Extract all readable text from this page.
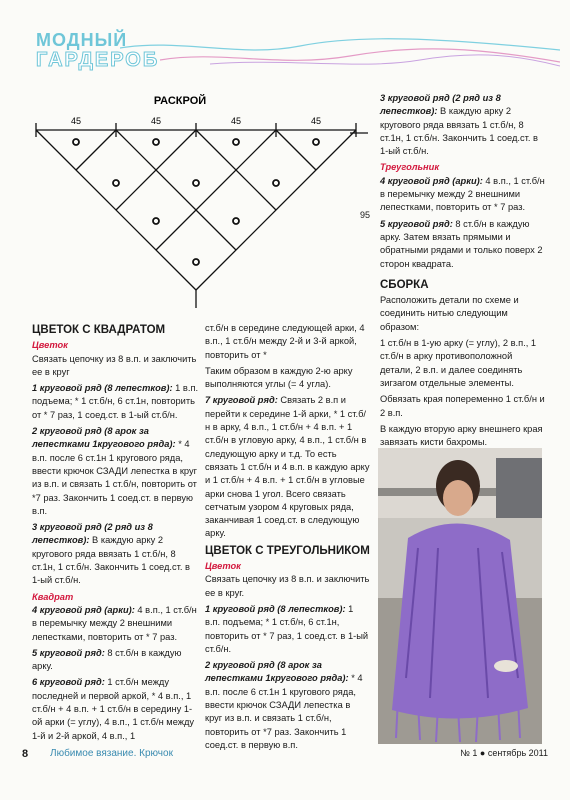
МОДНЫЙ
ГАРДЕРОБ
РАСКРОЙ
45	45	45	45
95
ЦВЕТОК С КВАДРАТОМ
Цветок

Связать цепочку из 8 в.п. и заключить ее в круг

1 круговой ряд (8 лепестков): 1 в.п. подъема; * 1 ст.б/н, 6 ст.1н, повторить от * 7 раз, 1 соед.ст. в 1-ый ст.б/н.

2 круговой ряд (8 арок за лепестками 1кругового ряда): * 4 в.п. после 6 ст.1н 1 кругового ряда, ввести крючок СЗАДИ лепестка в круг из в.п. и связать 1 ст.б/н, повторить от *7 раз. Закончить 1 соед.ст. в первую в.п.

3 круговой ряд (2 ряд из 8 лепестков): В каждую арку 2 кругового ряда ввязать 1 ст.б/н, 8 ст.1н, 1 ст.б/н. Закончить 1 соед.ст. в 1-ый ст.б/н.

Квадрат

4 круговой ряд (арки): 4 в.п., 1 ст.б/н в перемычку между 2 внешними лепестками, повторить от * 7 раз.

5 круговой ряд: 8 ст.б/н в каждую арку.

6 круговой ряд: 1 ст.б/н между последней и первой аркой, * 4 в.п., 1 ст.б/н + 4 в.п. + 1 ст.б/н в середину 1-ой арки (= углу), 4 в.п., 1 ст.б/н между 1-й и 2-й аркой, 4 в.п., 1

ст.б/н в середине следующей арки, 4 в.п., 1 ст.б/н между 2-й и 3-й аркой, повторить от *

Таким образом в каждую 2-ю арку выполняются углы (= 4 угла).

7 круговой ряд: Связать 2 в.п и перейти к середине 1-й арки, * 1 ст.б/н в арку, 4 в.п., 1 ст.б/н + 4 в.п. + 1 ст.б/н в угловую арку, 4 в.п., 1 ст.б/н в следующую арку и т.д. То есть связать 1 ст.б/н и 4 в.п. в каждую арку и 1 ст.б/н + 4 в.п. + 1 ст.б/н в угловые арки снова 1 угол. Всего связать сетчатым узором 4 круговых ряда, заканчивая 1 соед.ст. в следующую арку.

ЦВЕТОК С ТРЕУГОЛЬНИКОМ
Цветок

Связать цепочку из 8 в.п. и заключить ее в круг.

1 круговой ряд (8 лепестков): 1 в.п. подъема; * 1 ст.б/н, 6 ст.1н, повторить от * 7 раз, 1 соед.ст. в 1-ый ст.б/н.

2 круговой ряд (8 арок за лепестками 1кругового ряда): * 4 в.п. после 6 ст.1н 1 кругового ряда, ввести крючок СЗАДИ лепестка в круг из в.п. и связать 1 ст.б/н, повторить от *7 раз. Закончить 1 соед.ст. в первую в.п.

3 круговой ряд (2 ряд из 8 лепестков): В каждую арку 2 кругового ряда ввязать 1 ст.б/н, 8 ст.1н, 1 ст.б/н. Закончить 1 соед.ст. в 1-ый ст.б/н.

Треугольник

4 круговой ряд (арки): 4 в.п., 1 ст.б/н в перемычку между 2 внешними лепестками, повторить от * 7 раз.

5 круговой ряд: 8 ст.б/н в каждую арку. Затем вязать прямыми и обратными рядами и только поверх 2 сторон квадрата.

СБОРКА

Расположить детали по схеме и соединить нитью следующим образом:

1 ст.б/н в 1-ую арку (= углу), 2 в.п., 1 ст.б/н в арку противоположной детали, 2 в.п. и далее соединять зигзагом отдельные элементы.

Обвязать края попеременно 1 ст.б/н и 2 в.п.

В каждую вторую арку внешнего края завязать кисти бахромы.

8 Любимое вязание. Крючок	№ 1 ● сентябрь 2011
